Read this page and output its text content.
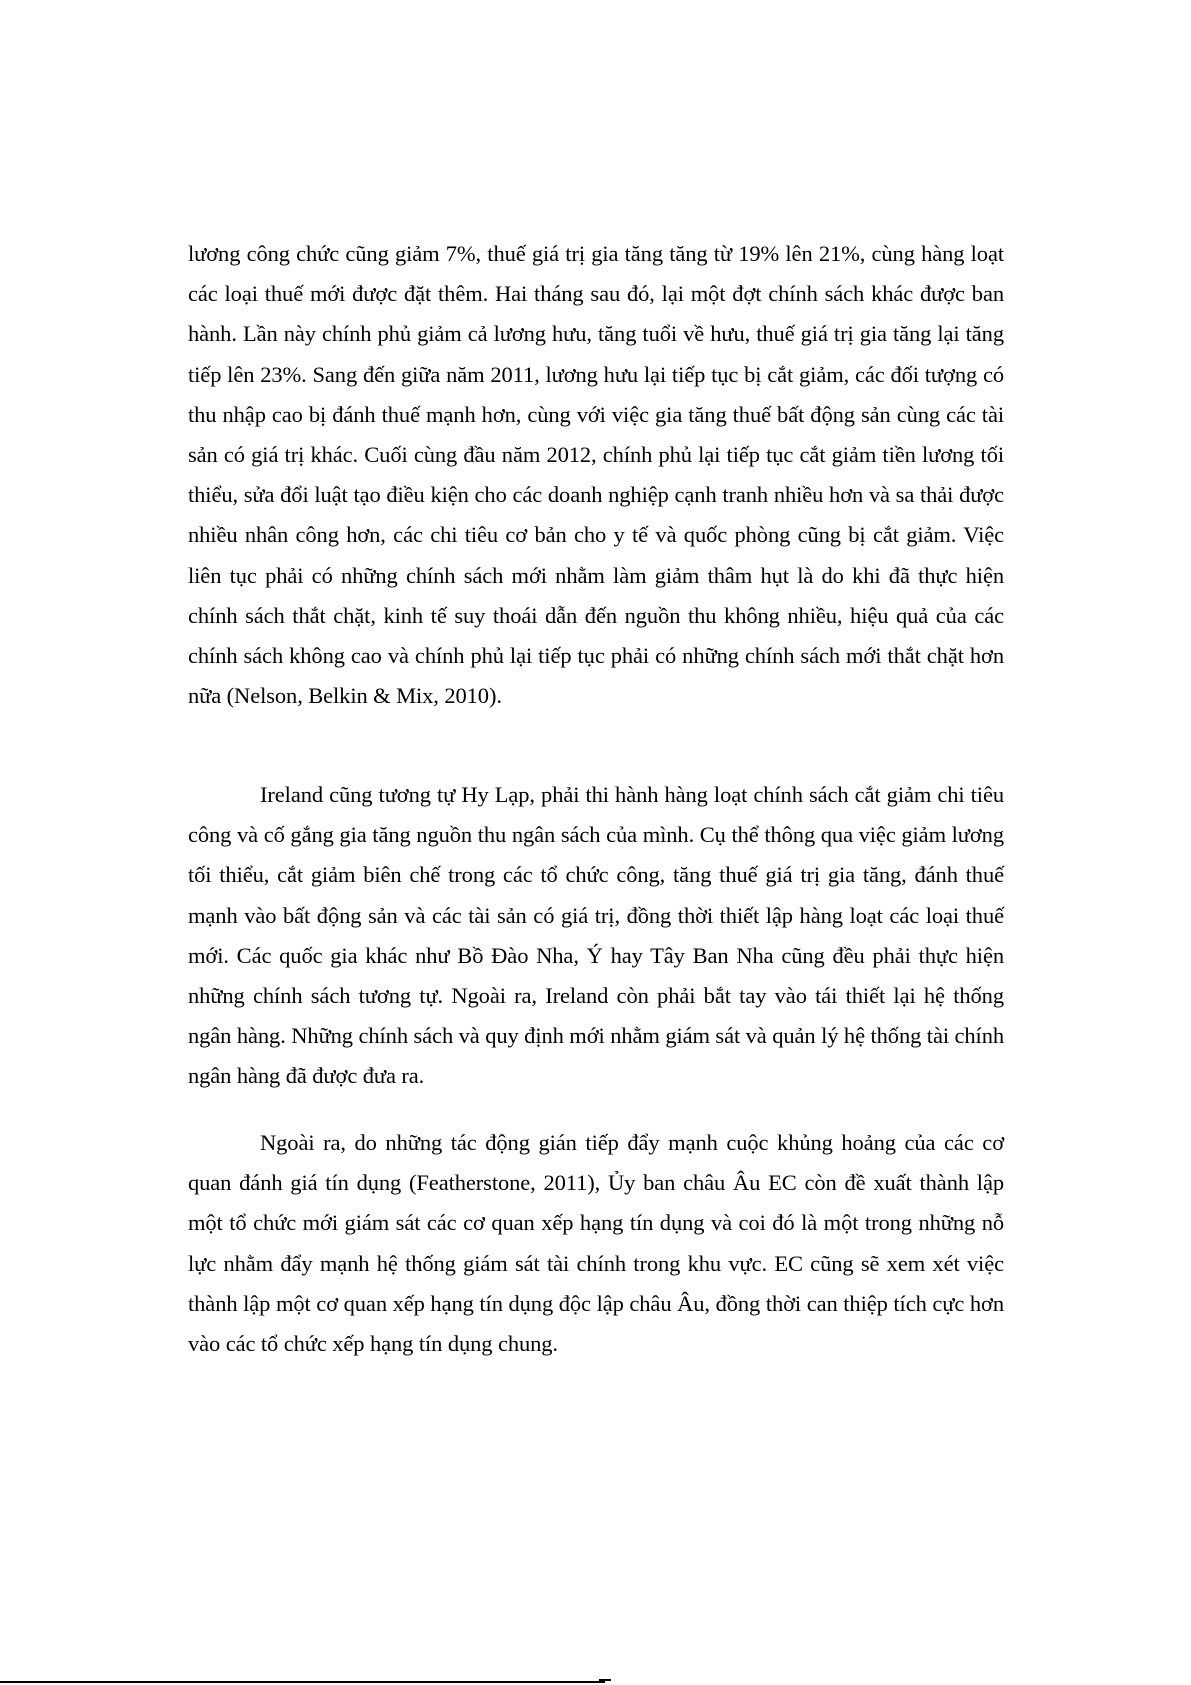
lương công chức cũng giảm 7%, thuế giá trị gia tăng tăng từ 19% lên 21%, cùng hàng loạt các loại thuế mới được đặt thêm. Hai tháng sau đó, lại một đợt chính sách khác được ban hành. Lần này chính phủ giảm cả lương hưu, tăng tuổi về hưu, thuế giá trị gia tăng lại tăng tiếp lên 23%. Sang đến giữa năm 2011, lương hưu lại tiếp tục bị cắt giảm, các đối tượng có thu nhập cao bị đánh thuế mạnh hơn, cùng với việc gia tăng thuế bất động sản cùng các tài sản có giá trị khác. Cuối cùng đầu năm 2012, chính phủ lại tiếp tục cắt giảm tiền lương tối thiểu, sửa đổi luật tạo điều kiện cho các doanh nghiệp cạnh tranh nhiều hơn và sa thải được nhiều nhân công hơn, các chi tiêu cơ bản cho y tế và quốc phòng cũng bị cắt giảm. Việc liên tục phải có những chính sách mới nhằm làm giảm thâm hụt là do khi đã thực hiện chính sách thắt chặt, kinh tế suy thoái dẫn đến nguồn thu không nhiều, hiệu quả của các chính sách không cao và chính phủ lại tiếp tục phải có những chính sách mới thắt chặt hơn nữa (Nelson, Belkin & Mix, 2010).

Ireland cũng tương tự Hy Lạp, phải thi hành hàng loạt chính sách cắt giảm chi tiêu công và cố gắng gia tăng nguồn thu ngân sách của mình. Cụ thể thông qua việc giảm lương tối thiểu, cắt giảm biên chế trong các tổ chức công, tăng thuế giá trị gia tăng, đánh thuế mạnh vào bất động sản và các tài sản có giá trị, đồng thời thiết lập hàng loạt các loại thuế mới. Các quốc gia khác như Bồ Đào Nha, Ý hay Tây Ban Nha cũng đều phải thực hiện những chính sách tương tự. Ngoài ra, Ireland còn phải bắt tay vào tái thiết lại hệ thống ngân hàng. Những chính sách và quy định mới nhằm giám sát và quản lý hệ thống tài chính ngân hàng đã được đưa ra.

Ngoài ra, do những tác động gián tiếp đẩy mạnh cuộc khủng hoảng của các cơ quan đánh giá tín dụng (Featherstone, 2011), Ủy ban châu Âu EC còn đề xuất thành lập một tổ chức mới giám sát các cơ quan xếp hạng tín dụng và coi đó là một trong những nỗ lực nhằm đẩy mạnh hệ thống giám sát tài chính trong khu vực. EC cũng sẽ xem xét việc thành lập một cơ quan xếp hạng tín dụng độc lập châu Âu, đồng thời can thiệp tích cực hơn vào các tổ chức xếp hạng tín dụng chung.
